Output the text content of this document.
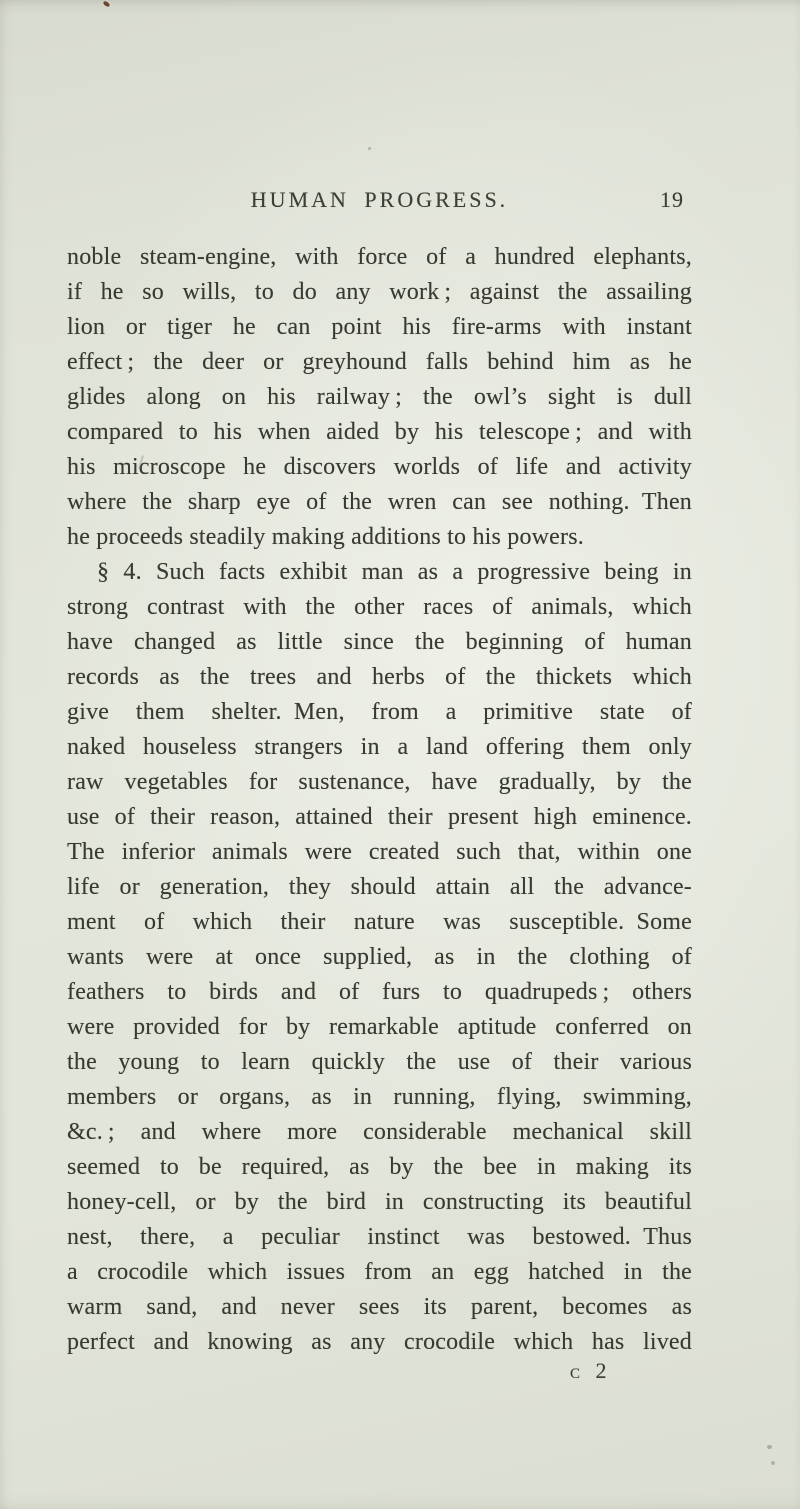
HUMAN PROGRESS.	19
noble steam-engine, with force of a hundred elephants,
if he so wills, to do any work ; against the assailing
lion or tiger he can point his fire-arms with instant
effect ; the deer or greyhound falls behind him as he
glides along on his railway ; the owl’s sight is dull
compared to his when aided by his telescope ; and with
his microscope he discovers worlds of life and activity
where the sharp eye of the wren can see nothing. Then
he proceeds steadily making additions to his powers.
§ 4. Such facts exhibit man as a progressive being in
strong contrast with the other races of animals, which
have changed as little since the beginning of human
records as the trees and herbs of the thickets which
give them shelter. Men, from a primitive state of
naked houseless strangers in a land offering them only
raw vegetables for sustenance, have gradually, by the
use of their reason, attained their present high eminence.
The inferior animals were created such that, within one
life or generation, they should attain all the advance-
ment of which their nature was susceptible. Some
wants were at once supplied, as in the clothing of
feathers to birds and of furs to quadrupeds ; others
were provided for by remarkable aptitude conferred on
the young to learn quickly the use of their various
members or organs, as in running, flying, swimming,
&c. ; and where more considerable mechanical skill
seemed to be required, as by the bee in making its
honey-cell, or by the bird in constructing its beautiful
nest, there, a peculiar instinct was bestowed. Thus
a crocodile which issues from an egg hatched in the
warm sand, and never sees its parent, becomes as
perfect and knowing as any crocodile which has lived
c 2
